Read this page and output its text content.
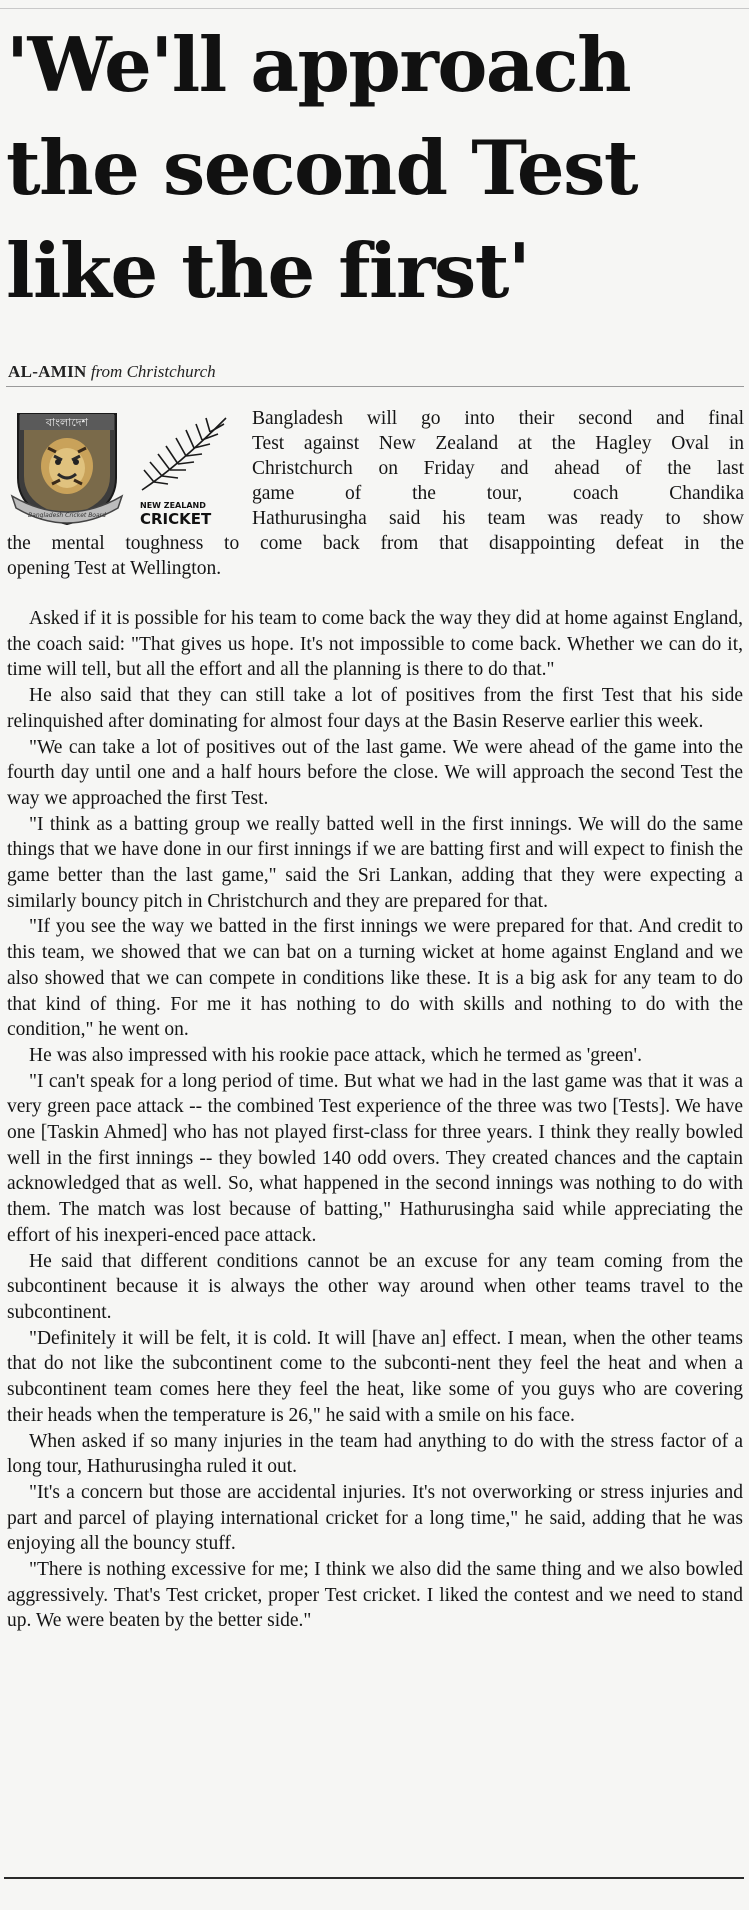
'We'll approach
the second Test
like the first'
AL-AMIN from Christchurch
বাংলাদেশ
Bangladesh Cricket Board
NEW ZEALAND
CRICKET
Bangladesh will go into their second and final
Test against New Zealand at the Hagley Oval in
Christchurch on Friday and ahead of the last
game of the tour, coach Chandika
Hathurusingha said his team was ready to show
the mental toughness to come back from that disappointing defeat in the
opening Test at Wellington.

Asked if it is possible for his team to come back the way they did at home against England, the coach said: "That gives us hope. It's not impossible to come back. Whether we can do it, time will tell, but all the effort and all the planning is there to do that."

He also said that they can still take a lot of positives from the first Test that his side relinquished after dominating for almost four days at the Basin Reserve earlier this week.

"We can take a lot of positives out of the last game. We were ahead of the game into the fourth day until one and a half hours before the close. We will approach the second Test the way we approached the first Test.

"I think as a batting group we really batted well in the first innings. We will do the same things that we have done in our first innings if we are batting first and will expect to finish the game better than the last game," said the Sri Lankan, adding that they were expecting a similarly bouncy pitch in Christchurch and they are prepared for that.

"If you see the way we batted in the first innings we were prepared for that. And credit to this team, we showed that we can bat on a turning wicket at home against England and we also showed that we can compete in conditions like these. It is a big ask for any team to do that kind of thing. For me it has nothing to do with skills and nothing to do with the condition," he went on.

He was also impressed with his rookie pace attack, which he termed as 'green'.

"I can't speak for a long period of time. But what we had in the last game was that it was a very green pace attack -- the combined Test experience of the three was two [Tests]. We have one [Taskin Ahmed] who has not played first-class for three years. I think they really bowled well in the first innings -- they bowled 140 odd overs. They created chances and the captain acknowledged that as well. So, what happened in the second innings was nothing to do with them. The match was lost because of batting," Hathurusingha said while appreciating the effort of his inexperi-enced pace attack.

He said that different conditions cannot be an excuse for any team coming from the subcontinent because it is always the other way around when other teams travel to the subcontinent.

"Definitely it will be felt, it is cold. It will [have an] effect. I mean, when the other teams that do not like the subcontinent come to the subconti-nent they feel the heat and when a subcontinent team comes here they feel the heat, like some of you guys who are covering their heads when the temperature is 26," he said with a smile on his face.

When asked if so many injuries in the team had anything to do with the stress factor of a long tour, Hathurusingha ruled it out.

"It's a concern but those are accidental injuries. It's not overworking or stress injuries and part and parcel of playing international cricket for a long time," he said, adding that he was enjoying all the bouncy stuff.

"There is nothing excessive for me; I think we also did the same thing and we also bowled aggressively. That's Test cricket, proper Test cricket. I liked the contest and we need to stand up. We were beaten by the better side."
